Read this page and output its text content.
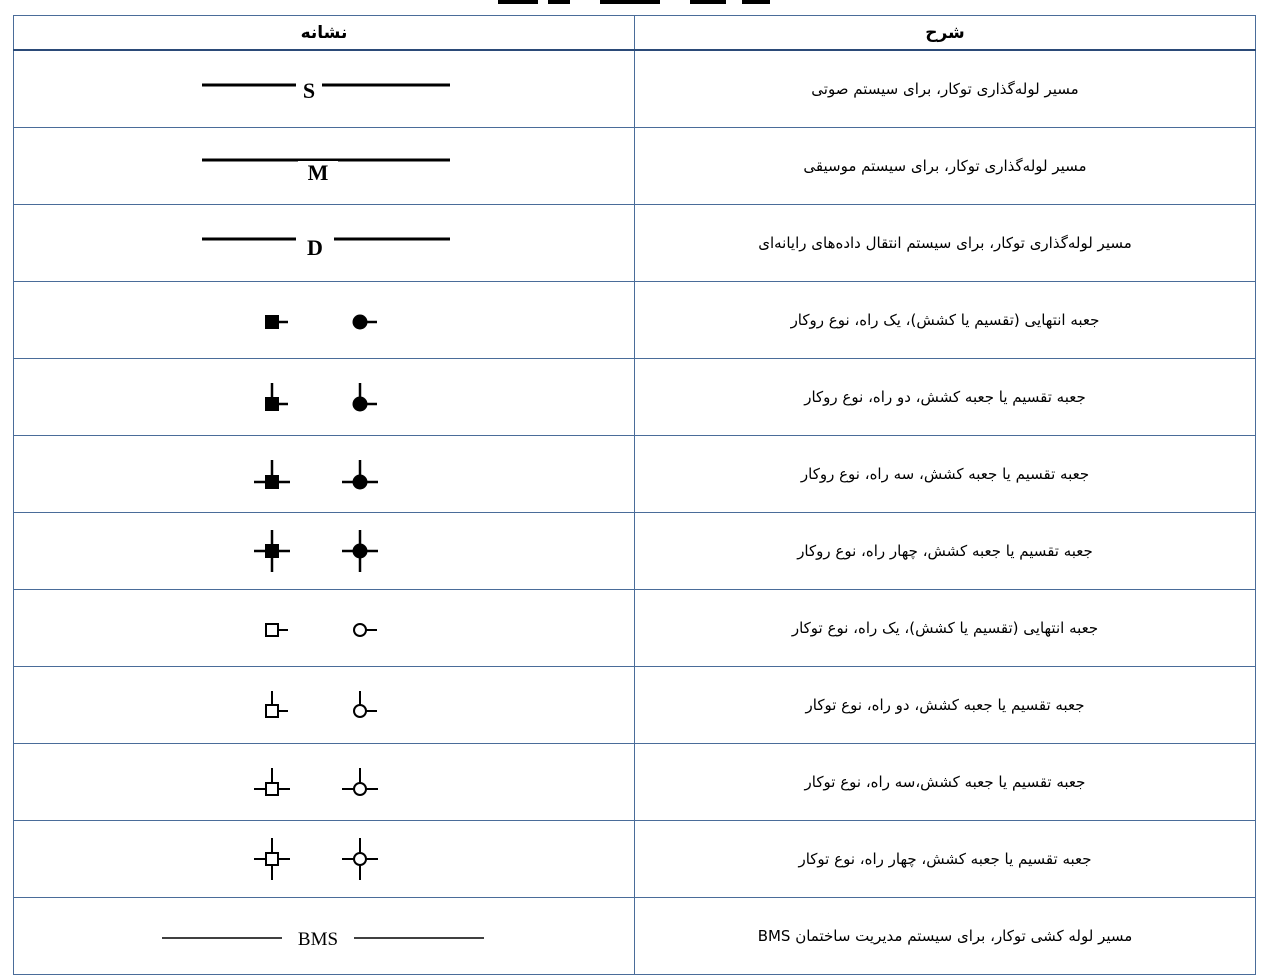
نشانه	شرح

S	مسیر لوله‌گذاری توکار، برای سیستم صوتی

M	مسیر لوله‌گذاری توکار، برای سیستم موسیقی

D	مسیر لوله‌گذاری توکار، برای سیستم انتقال داده‌های رایانه‌ای

	جعبه انتهایی (تقسیم یا کشش)، یک راه، نوع روکار

	جعبه تقسیم یا جعبه کشش، دو راه، نوع روکار

	جعبه تقسیم یا جعبه کشش، سه راه، نوع روکار

	جعبه تقسیم یا جعبه کشش، چهار راه، نوع روکار

	جعبه انتهایی (تقسیم یا کشش)، یک راه، نوع توکار

	جعبه تقسیم یا جعبه کشش، دو راه، نوع توکار

	جعبه تقسیم یا جعبه کشش،سه راه، نوع توکار

	جعبه تقسیم یا جعبه کشش، چهار راه، نوع توکار

BMS	مسیر لوله کشی توکار، برای سیستم مدیریت ساختمان BMS
